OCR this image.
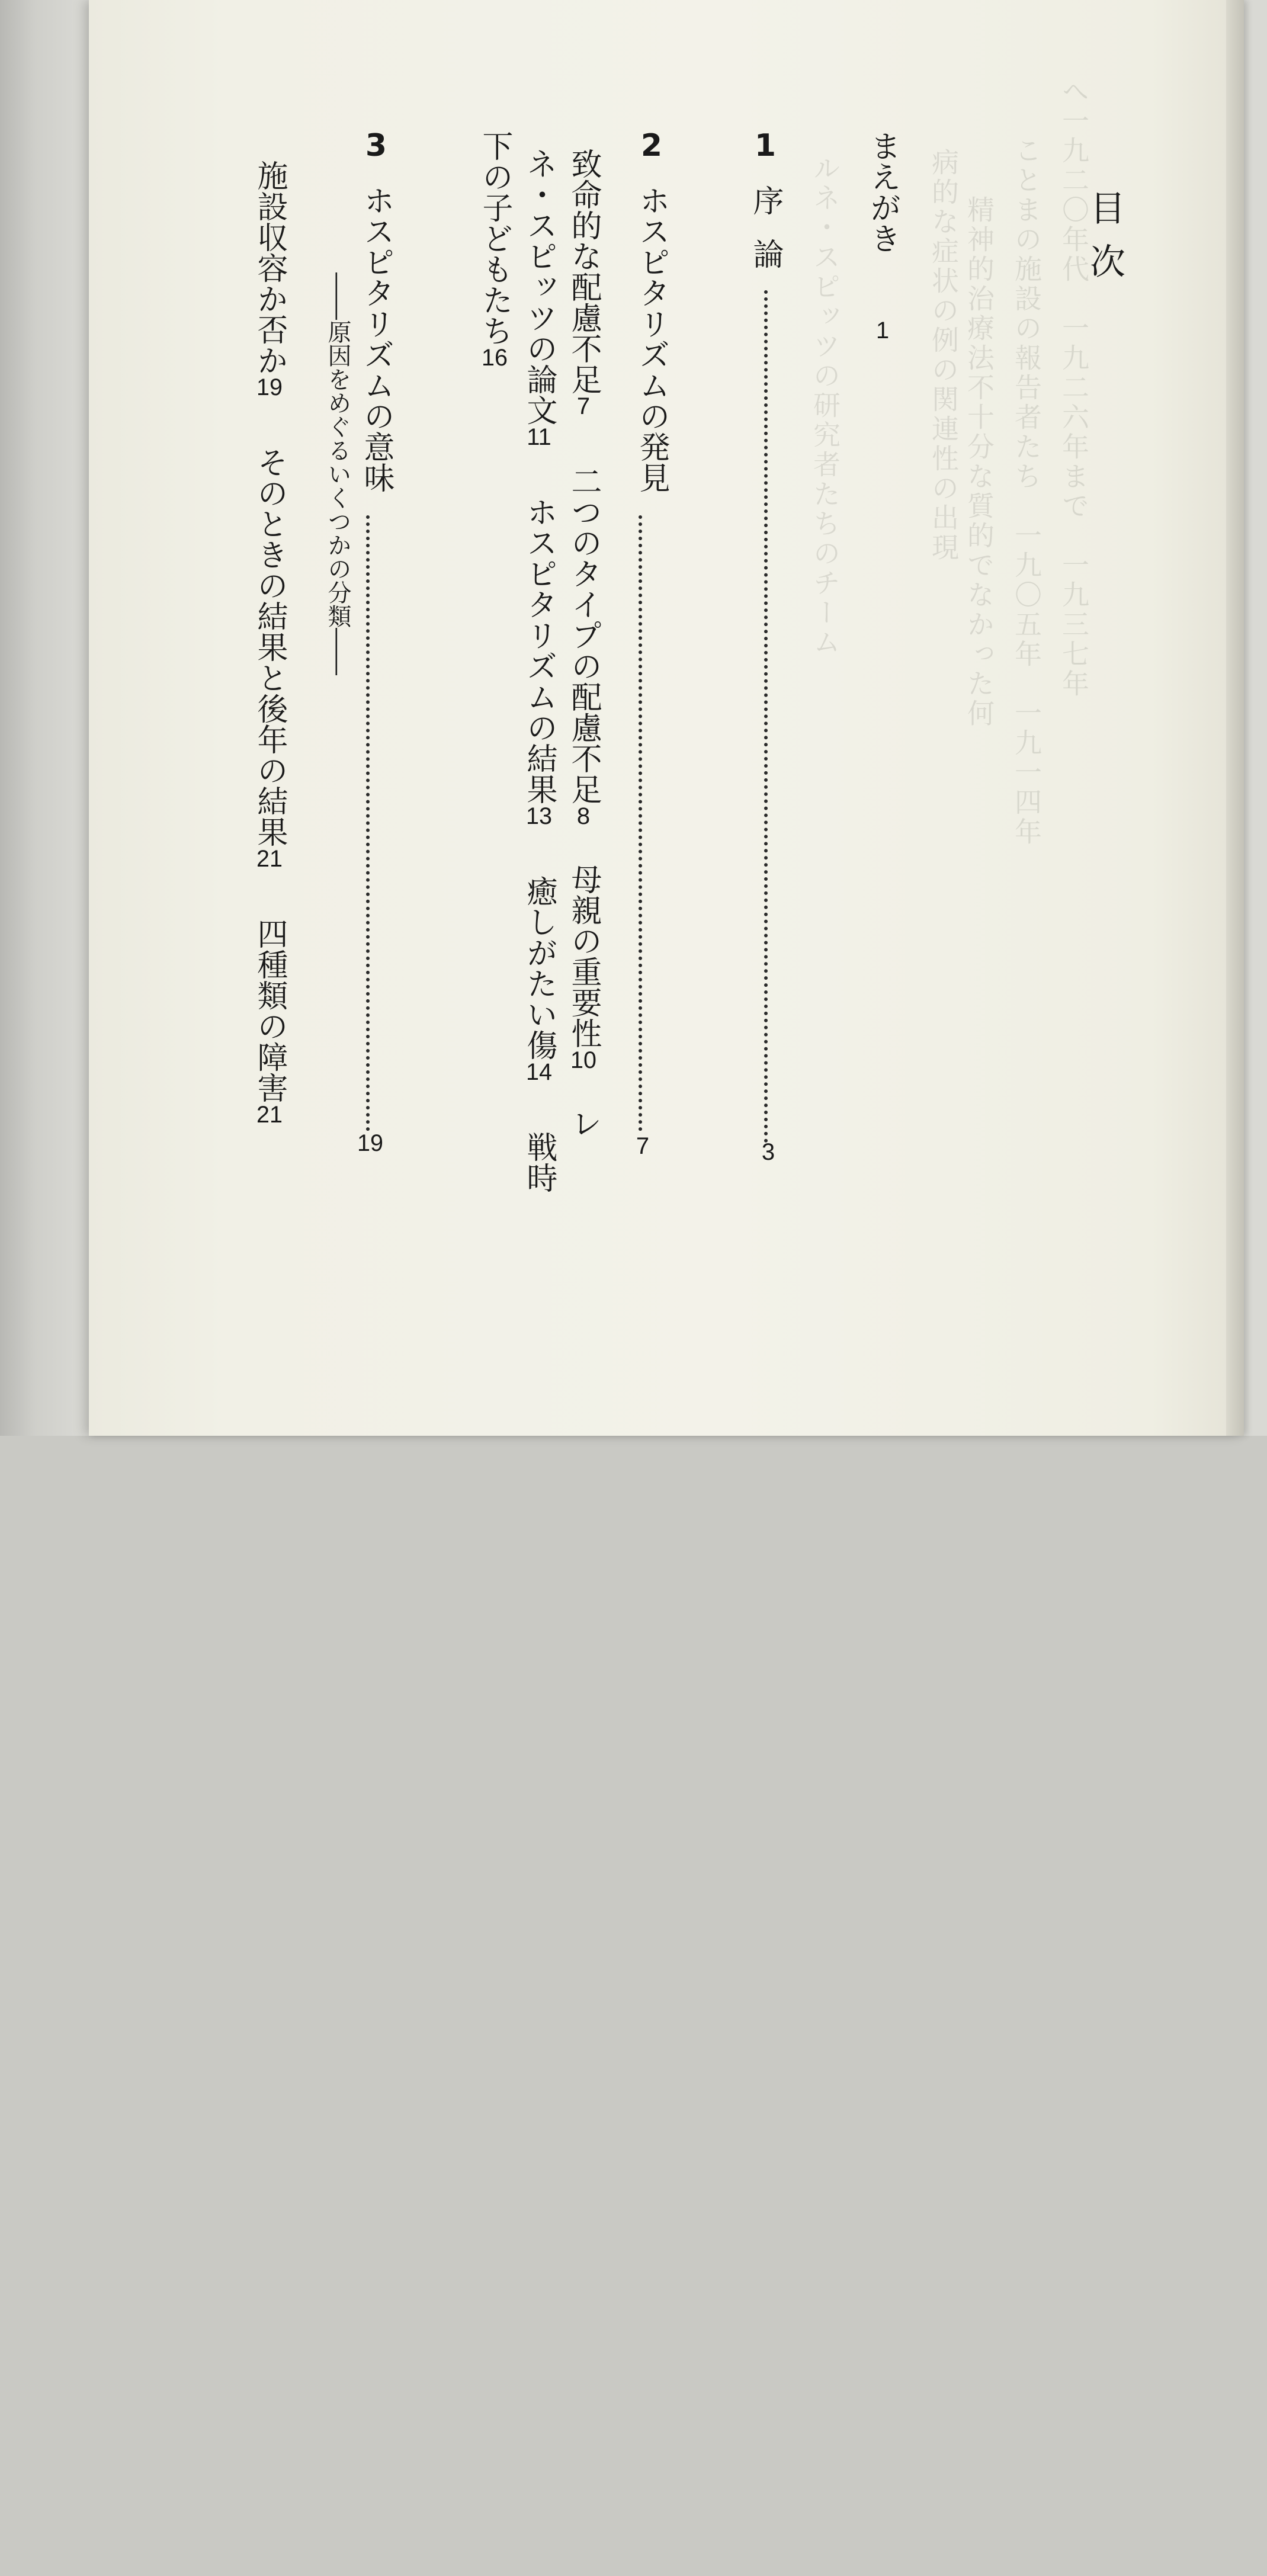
へ一九二〇年代　一九二六年まで　一九三七年
ことまの施設の報告者たち　一九〇五年　一九一四年
精神的治療法不十分な質的でなかった何
病的な症状の例の関連性の出現
ルネ・スピッツの研究者たちのチーム	目次
まえがき1
1序論
3
2ホスピタリズムの発見
7
致命的な配慮不足7二つのタイプの配慮不足8母親の重要性10レ
ネ・スピッツの論文11ホスピタリズムの結果13癒しがたい傷14戦時
下の子どもたち16
3ホスピタリズムの意味
19
――原因をめぐるいくつかの分類――
施設収容か否か19そのときの結果と後年の結果21四種類の障害21
